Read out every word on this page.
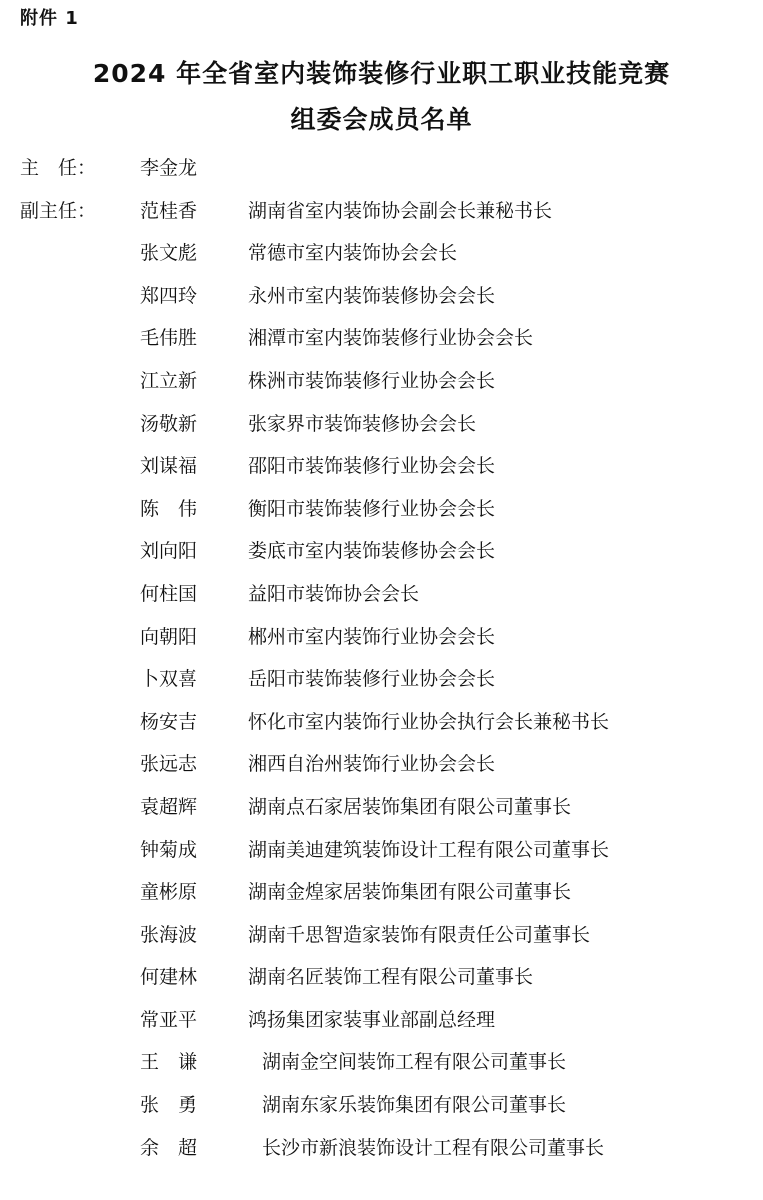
附件 1
2024 年全省室内装饰装修行业职工职业技能竞赛
组委会成员名单
主　任： 李金龙
副主任： 范桂香	湖南省室内装饰协会副会长兼秘书长
张文彪	常德市室内装饰协会会长
郑四玲	永州市室内装饰装修协会会长
毛伟胜	湘潭市室内装饰装修行业协会会长
江立新	株洲市装饰装修行业协会会长
汤敬新	张家界市装饰装修协会会长
刘谋福	邵阳市装饰装修行业协会会长
陈　伟	衡阳市装饰装修行业协会会长
刘向阳	娄底市室内装饰装修协会会长
何柱国	益阳市装饰协会会长
向朝阳	郴州市室内装饰行业协会会长
卜双喜	岳阳市装饰装修行业协会会长
杨安吉	怀化市室内装饰行业协会执行会长兼秘书长
张远志	湘西自治州装饰行业协会会长
袁超辉	湖南点石家居装饰集团有限公司董事长
钟菊成	湖南美迪建筑装饰设计工程有限公司董事长
童彬原	湖南金煌家居装饰集团有限公司董事长
张海波	湖南千思智造家装饰有限责任公司董事长
何建林	湖南名匠装饰工程有限公司董事长
常亚平	鸿扬集团家装事业部副总经理
王　谦	湖南金空间装饰工程有限公司董事长
张　勇	湖南东家乐装饰集团有限公司董事长
余　超	长沙市新浪装饰设计工程有限公司董事长
